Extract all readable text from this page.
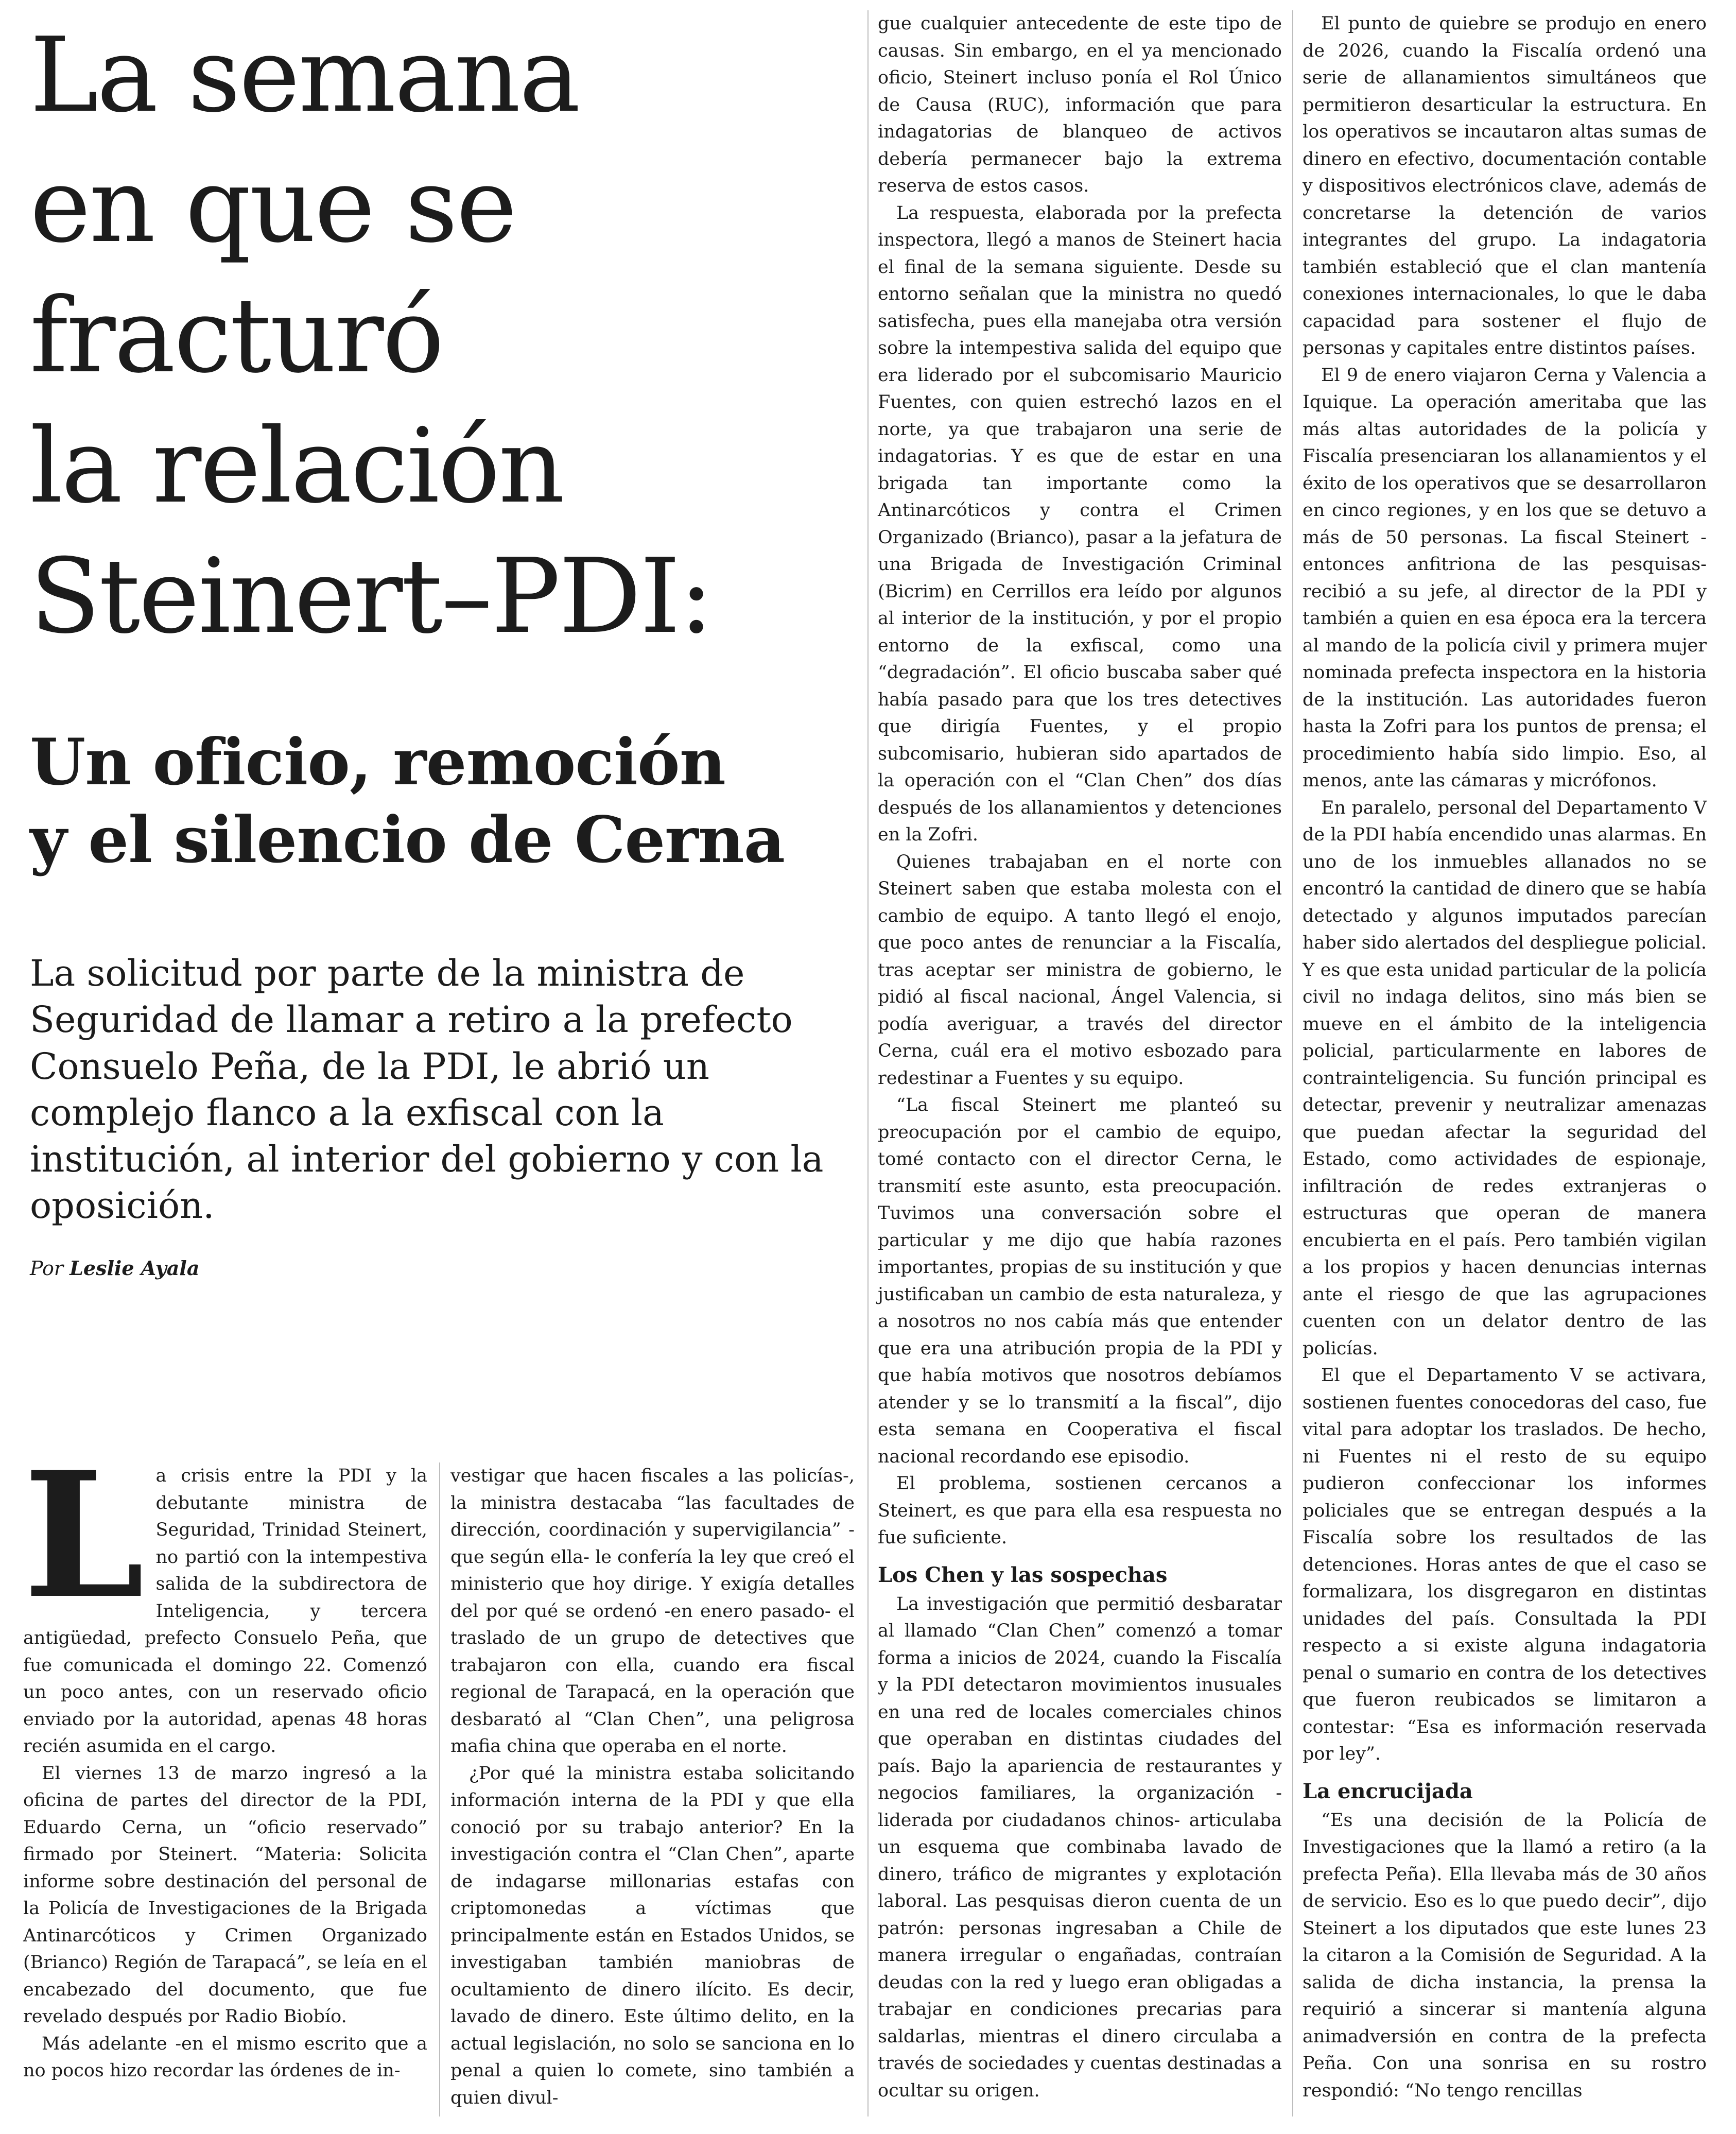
La semana
en que se
fracturó
la relación
Steinert–PDI:
Un oficio, remoción
y el silencio de Cerna

La solicitud por parte de la ministra de
Seguridad de llamar a retiro a la prefecto
Consuelo Peña, de la PDI, le abrió un
complejo flanco a la exfiscal con la
institución, al interior del gobierno y con la
oposición.

Por Leslie Ayala

La crisis entre la PDI y la debutante ministra de Seguridad, Trinidad Steinert, no partió con la intempestiva salida de la subdirectora de Inteligencia, y tercera antigüedad, prefecto Consuelo Peña, que fue comunicada el domingo 22. Comenzó un poco antes, con un reservado oficio enviado por la autoridad, apenas 48 horas recién asumida en el cargo.

El viernes 13 de marzo ingresó a la oficina de partes del director de la PDI, Eduardo Cerna, un “oficio reservado” firmado por Steinert. “Materia: Solicita informe sobre destinación del personal de la Policía de Investigaciones de la Brigada Antinarcóticos y Crimen Organizado (Brianco) Región de Tarapacá”, se leía en el encabezado del documento, que fue revelado después por Radio Biobío.

Más adelante -en el mismo escrito que a no pocos hizo recordar las órdenes de in-

vestigar que hacen fiscales a las policías-, la ministra destacaba “las facultades de dirección, coordinación y supervigilancia” -que según ella- le confería la ley que creó el ministerio que hoy dirige. Y exigía detalles del por qué se ordenó -en enero pasado- el traslado de un grupo de detectives que trabajaron con ella, cuando era fiscal regional de Tarapacá, en la operación que desbarató al “Clan Chen”, una peligrosa mafia china que operaba en el norte.

¿Por qué la ministra estaba solicitando información interna de la PDI y que ella conoció por su trabajo anterior? En la investigación contra el “Clan Chen”, aparte de indagarse millonarias estafas con criptomonedas a víctimas que principalmente están en Estados Unidos, se investigaban también maniobras de ocultamiento de dinero ilícito. Es decir, lavado de dinero. Este último delito, en la actual legislación, no solo se sanciona en lo penal a quien lo comete, sino también a quien divul-

gue cualquier antecedente de este tipo de causas. Sin embargo, en el ya mencionado oficio, Steinert incluso ponía el Rol Único de Causa (RUC), información que para indagatorias de blanqueo de activos debería permanecer bajo la extrema reserva de estos casos.

La respuesta, elaborada por la prefecta inspectora, llegó a manos de Steinert hacia el final de la semana siguiente. Desde su entorno señalan que la ministra no quedó satisfecha, pues ella manejaba otra versión sobre la intempestiva salida del equipo que era liderado por el subcomisario Mauricio Fuentes, con quien estrechó lazos en el norte, ya que trabajaron una serie de indagatorias. Y es que de estar en una brigada tan importante como la Antinarcóticos y contra el Crimen Organizado (Brianco), pasar a la jefatura de una Brigada de Investigación Criminal (Bicrim) en Cerrillos era leído por algunos al interior de la institución, y por el propio entorno de la exfiscal, como una “degradación”. El oficio buscaba saber qué había pasado para que los tres detectives que dirigía Fuentes, y el propio subcomisario, hubieran sido apartados de la operación con el “Clan Chen” dos días después de los allanamientos y detenciones en la Zofri.

Quienes trabajaban en el norte con Steinert saben que estaba molesta con el cambio de equipo. A tanto llegó el enojo, que poco antes de renunciar a la Fiscalía, tras aceptar ser ministra de gobierno, le pidió al fiscal nacional, Ángel Valencia, si podía averiguar, a través del director Cerna, cuál era el motivo esbozado para redestinar a Fuentes y su equipo.

“La fiscal Steinert me planteó su preocupación por el cambio de equipo, tomé contacto con el director Cerna, le transmití este asunto, esta preocupación. Tuvimos una conversación sobre el particular y me dijo que había razones importantes, propias de su institución y que justificaban un cambio de esta naturaleza, y a nosotros no nos cabía más que entender que era una atribución propia de la PDI y que había motivos que nosotros debíamos atender y se lo transmití a la fiscal”, dijo esta semana en Cooperativa el fiscal nacional recordando ese episodio.

El problema, sostienen cercanos a Steinert, es que para ella esa respuesta no fue suficiente.

Los Chen y las sospechas

La investigación que permitió desbaratar al llamado “Clan Chen” comenzó a tomar forma a inicios de 2024, cuando la Fiscalía y la PDI detectaron movimientos inusuales en una red de locales comerciales chinos que operaban en distintas ciudades del país. Bajo la apariencia de restaurantes y negocios familiares, la organización -liderada por ciudadanos chinos- articulaba un esquema que combinaba lavado de dinero, tráfico de migrantes y explotación laboral. Las pesquisas dieron cuenta de un patrón: personas ingresaban a Chile de manera irregular o engañadas, contraían deudas con la red y luego eran obligadas a trabajar en condiciones precarias para saldarlas, mientras el dinero circulaba a través de sociedades y cuentas destinadas a ocultar su origen.

El punto de quiebre se produjo en enero de 2026, cuando la Fiscalía ordenó una serie de allanamientos simultáneos que permitieron desarticular la estructura. En los operativos se incautaron altas sumas de dinero en efectivo, documentación contable y dispositivos electrónicos clave, además de concretarse la detención de varios integrantes del grupo. La indagatoria también estableció que el clan mantenía conexiones internacionales, lo que le daba capacidad para sostener el flujo de personas y capitales entre distintos países.

El 9 de enero viajaron Cerna y Valencia a Iquique. La operación ameritaba que las más altas autoridades de la policía y Fiscalía presenciaran los allanamientos y el éxito de los operativos que se desarrollaron en cinco regiones, y en los que se detuvo a más de 50 personas. La fiscal Steinert -entonces anfitriona de las pesquisas- recibió a su jefe, al director de la PDI y también a quien en esa época era la tercera al mando de la policía civil y primera mujer nominada prefecta inspectora en la historia de la institución. Las autoridades fueron hasta la Zofri para los puntos de prensa; el procedimiento había sido limpio. Eso, al menos, ante las cámaras y micrófonos.

En paralelo, personal del Departamento V de la PDI había encendido unas alarmas. En uno de los inmuebles allanados no se encontró la cantidad de dinero que se había detectado y algunos imputados parecían haber sido alertados del despliegue policial. Y es que esta unidad particular de la policía civil no indaga delitos, sino más bien se mueve en el ámbito de la inteligencia policial, particularmente en labores de contrainteligencia. Su función principal es detectar, prevenir y neutralizar amenazas que puedan afectar la seguridad del Estado, como actividades de espionaje, infiltración de redes extranjeras o estructuras que operan de manera encubierta en el país. Pero también vigilan a los propios y hacen denuncias internas ante el riesgo de que las agrupaciones cuenten con un delator dentro de las policías.

El que el Departamento V se activara, sostienen fuentes conocedoras del caso, fue vital para adoptar los traslados. De hecho, ni Fuentes ni el resto de su equipo pudieron confeccionar los informes policiales que se entregan después a la Fiscalía sobre los resultados de las detenciones. Horas antes de que el caso se formalizara, los disgregaron en distintas unidades del país. Consultada la PDI respecto a si existe alguna indagatoria penal o sumario en contra de los detectives que fueron reubicados se limitaron a contestar: “Esa es información reservada por ley”.

La encrucijada

“Es una decisión de la Policía de Investigaciones que la llamó a retiro (a la prefecta Peña). Ella llevaba más de 30 años de servicio. Eso es lo que puedo decir”, dijo Steinert a los diputados que este lunes 23 la citaron a la Comisión de Seguridad. A la salida de dicha instancia, la prensa la requirió a sincerar si mantenía alguna animadversión en contra de la prefecta Peña. Con una sonrisa en su rostro respondió: “No tengo rencillas
